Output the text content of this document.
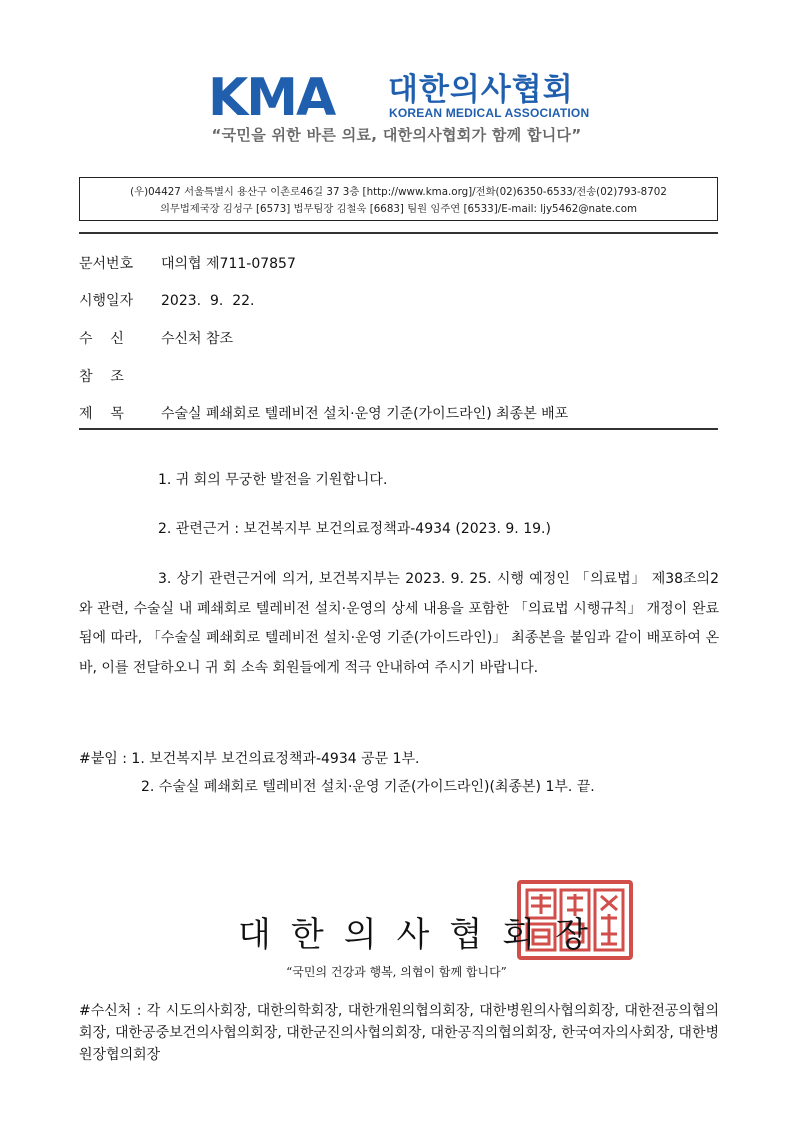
KMA 대한의사협회
KOREAN MEDICAL ASSOCIATION
“국민을 위한 바른 의료, 대한의사협회가 함께 합니다”
(우)04427 서울특별시 용산구 이촌로46길 37 3층 [http://www.kma.org]/전화(02)6350-6533/전송(02)793-8702
의무법제국장 김성구 [6573] 법무팀장 김철욱 [6683] 팀원 임주연 [6533]/E-mail: ljy5462@nate.com
문서번호 대의협 제711-07857
시행일자 2023.  9.  22.
수    신	수신처 참조
참    조
제    목	수술실 폐쇄회로 텔레비전 설치·운영 기준(가이드라인) 최종본 배포
1. 귀 회의 무궁한 발전을 기원합니다.
2. 관련근거 : 보건복지부 보건의료정책과-4934 (2023. 9. 19.)
3. 상기 관련근거에 의거, 보건복지부는 2023. 9. 25. 시행 예정인 「의료법」 제38조의2와 관련, 수술실 내 폐쇄회로 텔레비전 설치·운영의 상세 내용을 포함한 「의료법 시행규칙」 개정이 완료됨에 따라, 「수술실 폐쇄회로 텔레비전 설치·운영 기준(가이드라인)」 최종본을 붙임과 같이 배포하여 온 바, 이를 전달하오니 귀 회 소속 회원들에게 적극 안내하여 주시기 바랍니다.
#붙임 : 1. 보건복지부 보건의료정책과-4934 공문 1부.
2. 수술실 폐쇄회로 텔레비전 설치·운영 기준(가이드라인)(최종본) 1부. 끝.
대한의사협회장
“국민의 건강과 행복, 의협이 함께 합니다”
#수신처 : 각 시도의사회장, 대한의학회장, 대한개원의협의회장, 대한병원의사협의회장, 대한전공의협의회장, 대한공중보건의사협의회장, 대한군진의사협의회장, 대한공직의협의회장, 한국여자의사회장, 대한병원장협의회장
